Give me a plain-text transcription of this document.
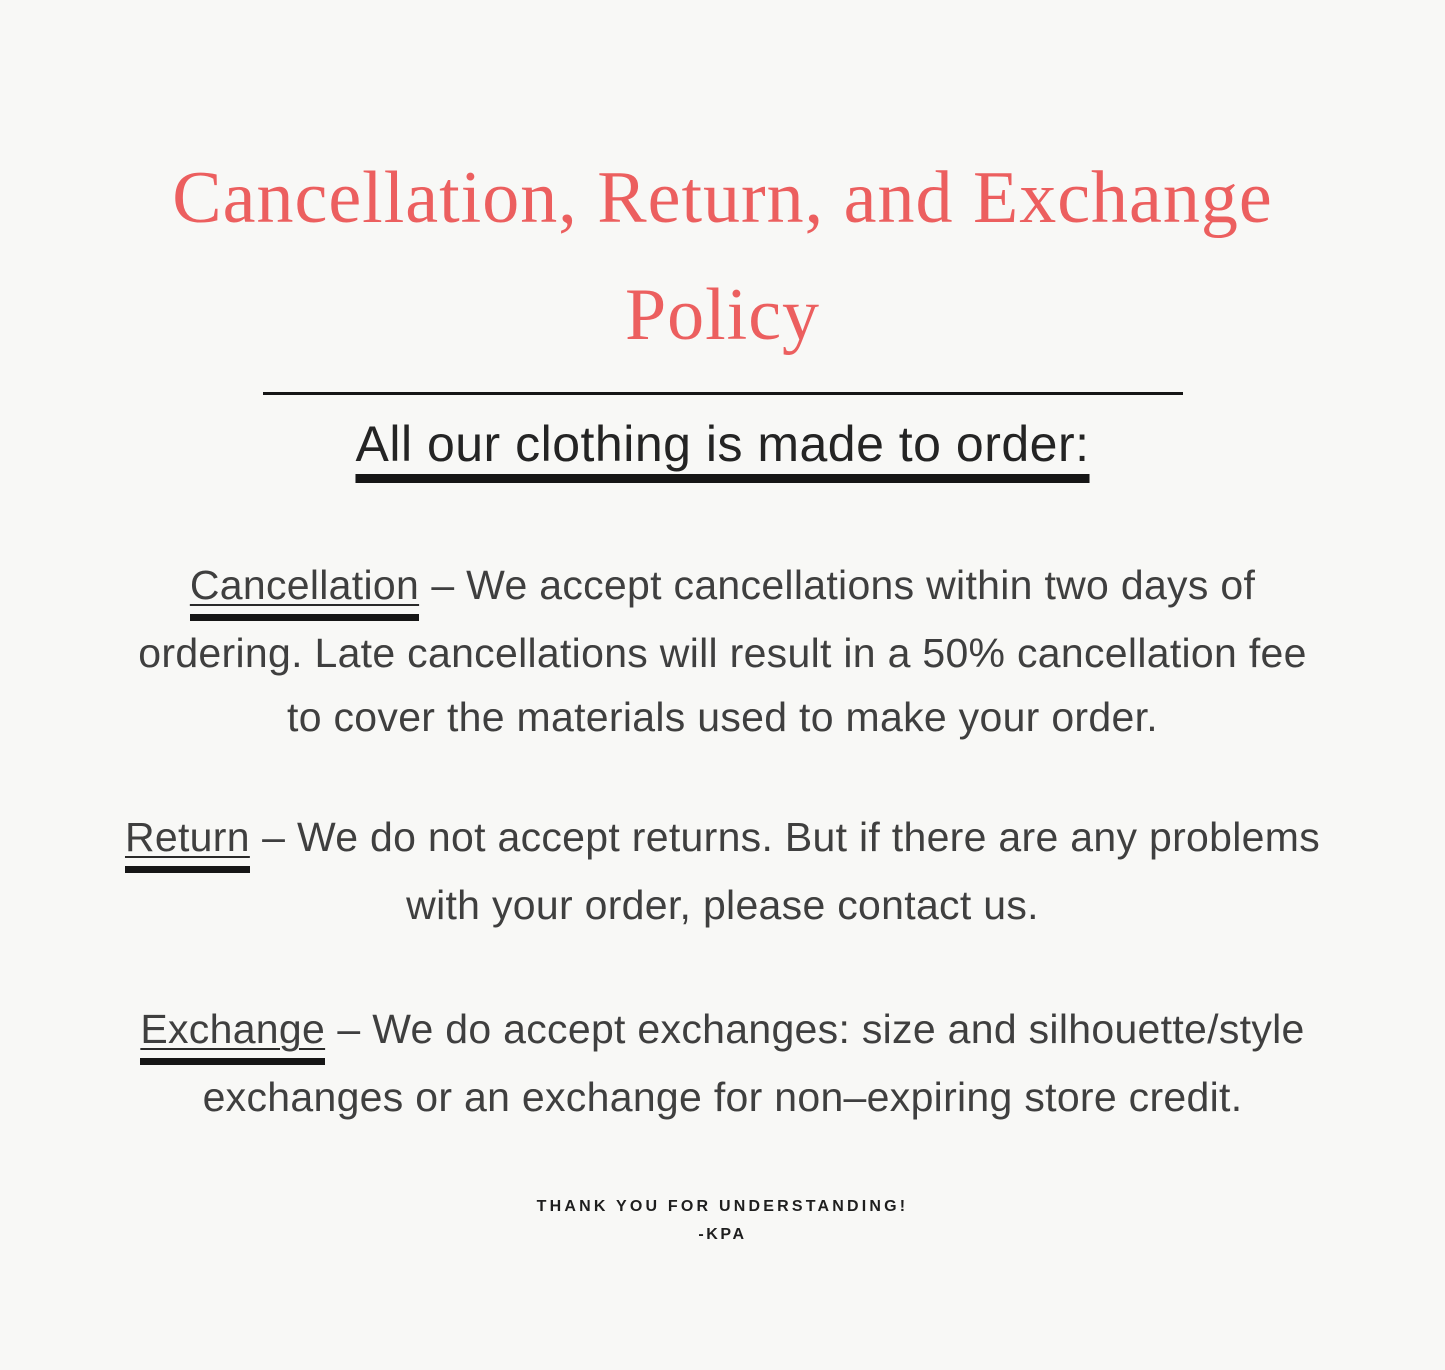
Cancellation, Return, and Exchange
Policy
All our clothing is made to order:

Cancellation – We accept cancellations within two days of

ordering. Late cancellations will result in a 50% cancellation fee

to cover the materials used to make your order.

Return – We do not accept returns. But if there are any problems

with your order, please contact us.

Exchange – We do accept exchanges: size and silhouette/style

exchanges or an exchange for non–expiring store credit.

THANK YOU FOR UNDERSTANDING!
-KPA
